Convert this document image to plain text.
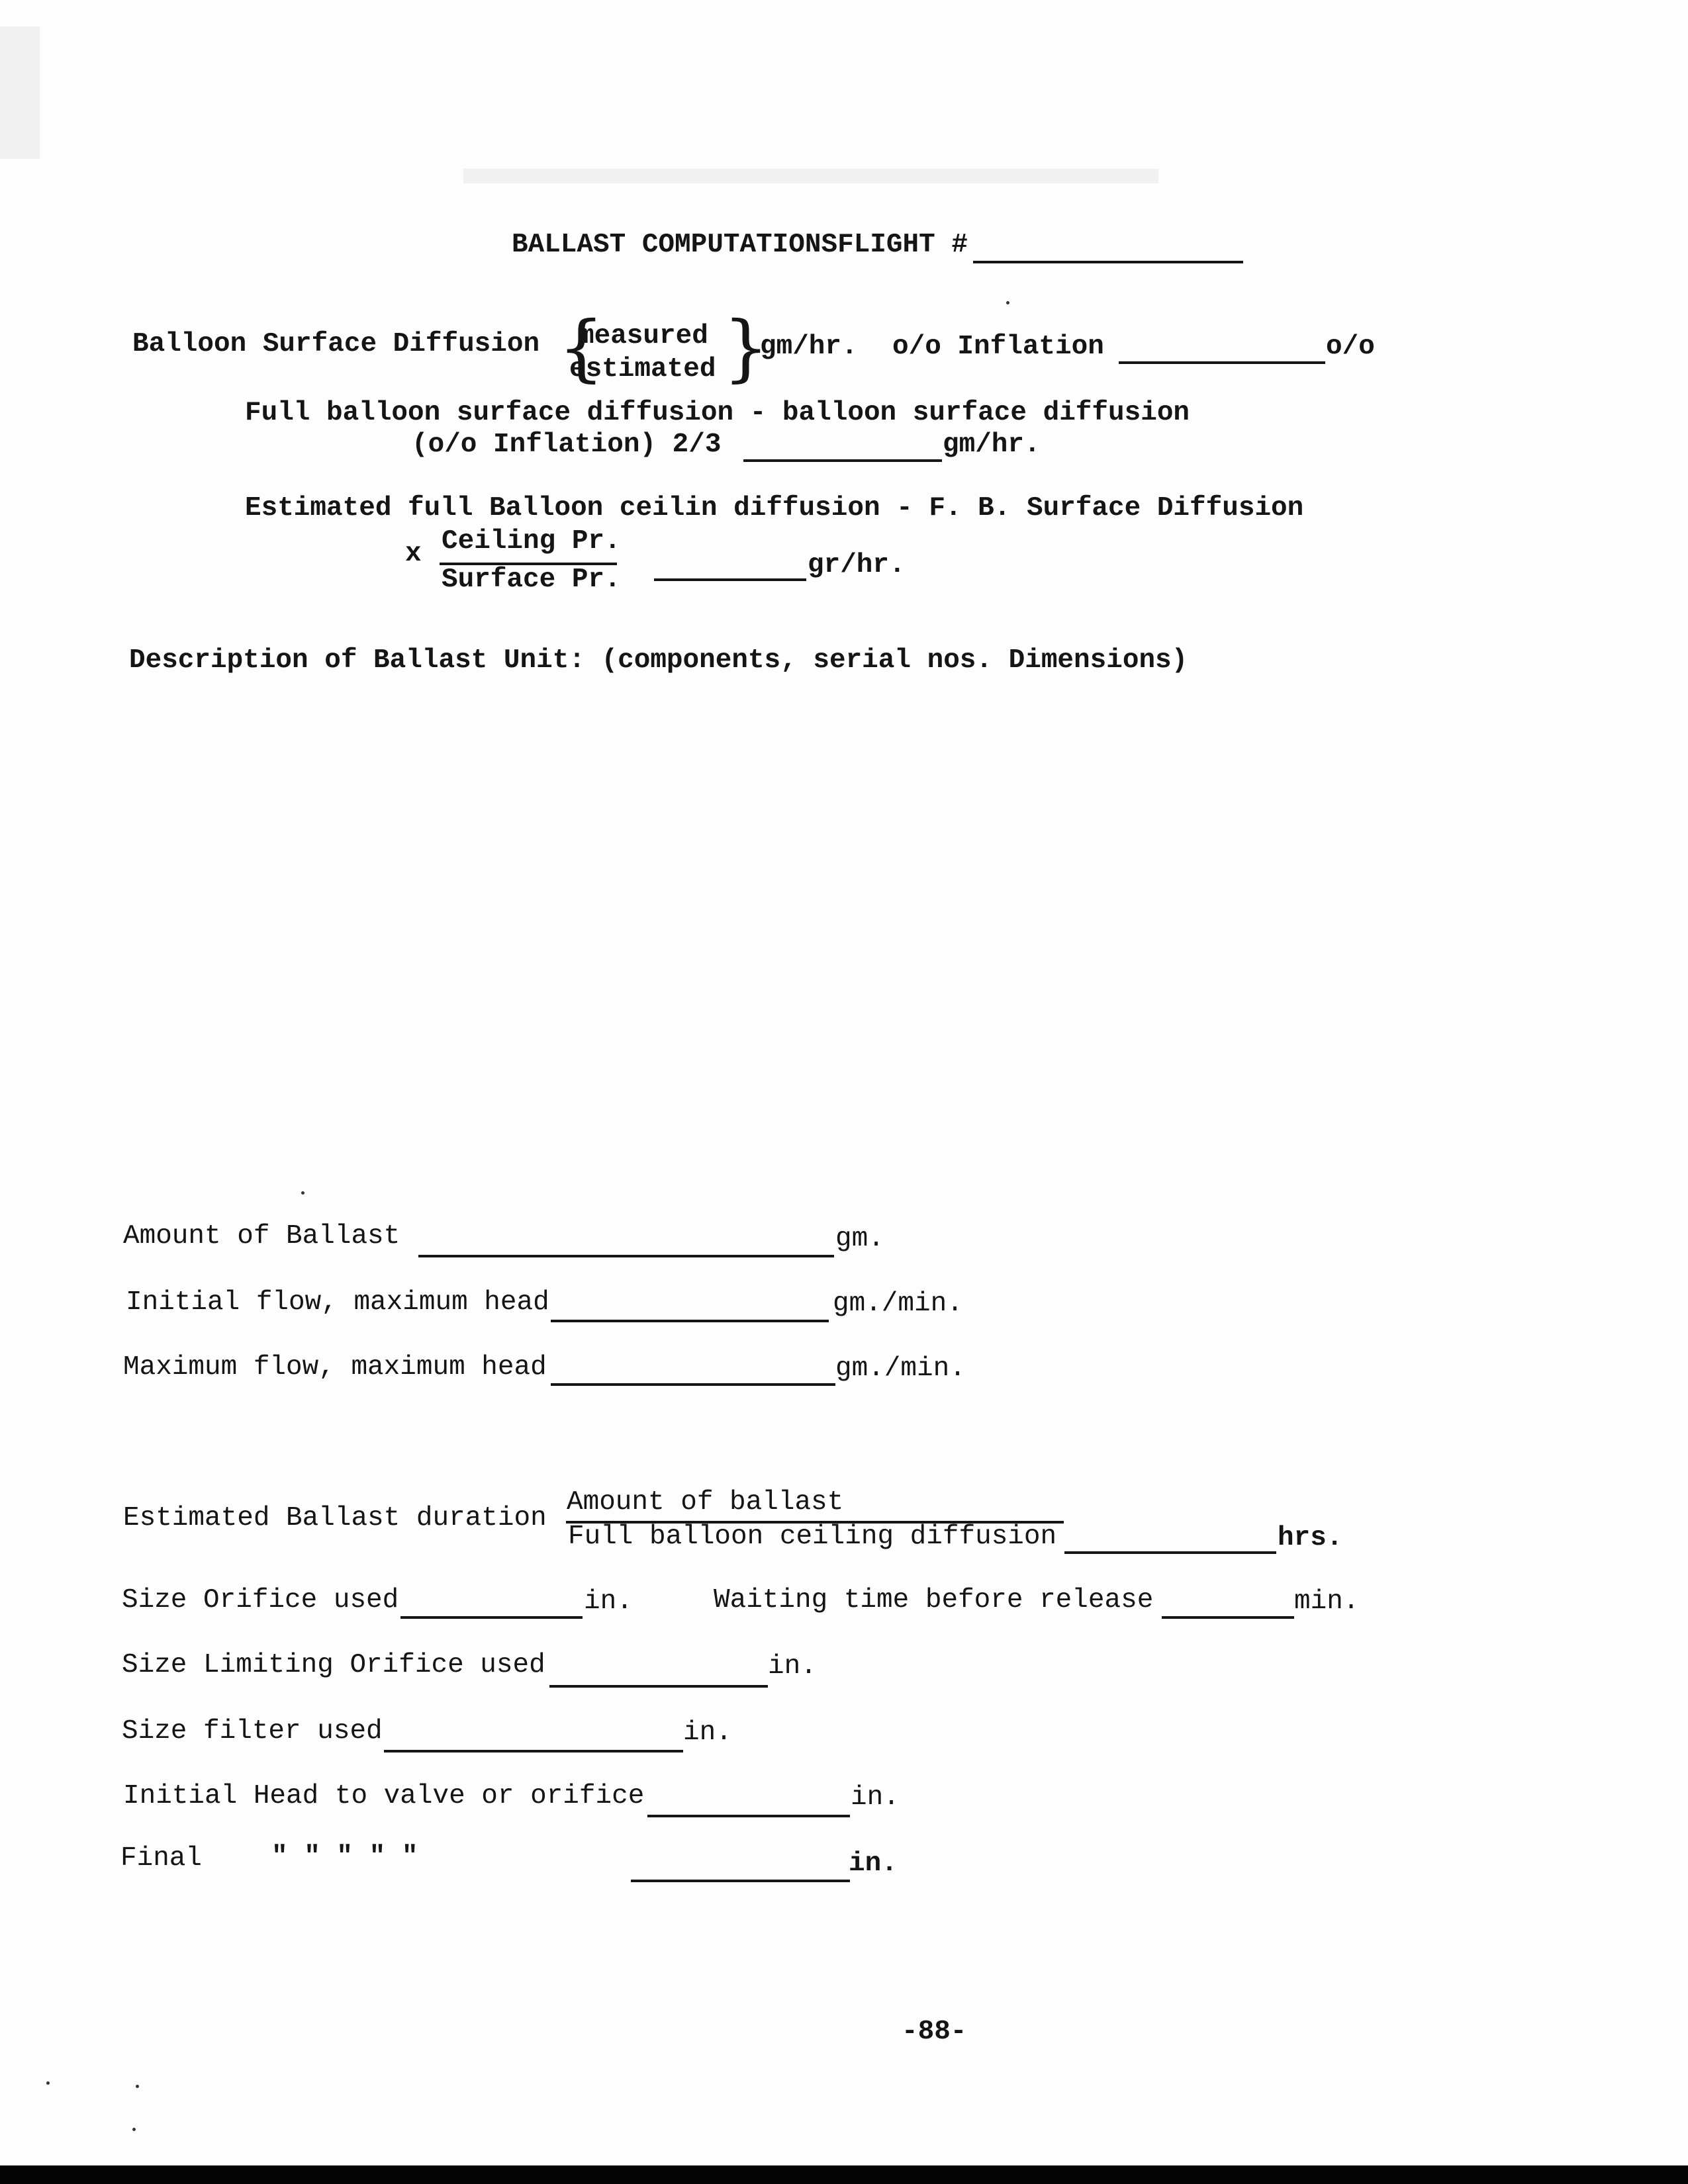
BALLAST COMPUTATIONSFLIGHT #
Balloon Surface Diffusion {
measured
estimated }
gm/hr. o/o Inflation	o/o
Full balloon surface diffusion - balloon surface diffusion
(o/o Inflation) 2/3	gm/hr.
Estimated full Balloon ceilin diffusion - F. B. Surface Diffusion
x Ceiling Pr.
Surface Pr.	gr/hr.
Description of Ballast Unit: (components, serial nos. Dimensions)
Amount of Ballast	gm.
Initial flow, maximum head	gm./min.
Maximum flow, maximum head	gm./min.
Estimated Ballast duration
Amount of ballast
Full balloon ceiling diffusion	hrs.
Size Orifice used	in.	Waiting time before release	min.
Size Limiting Orifice used	in.
Size filter used	in.
Initial Head to valve or orifice	in.
Final	" " " " "	in.
-88-
